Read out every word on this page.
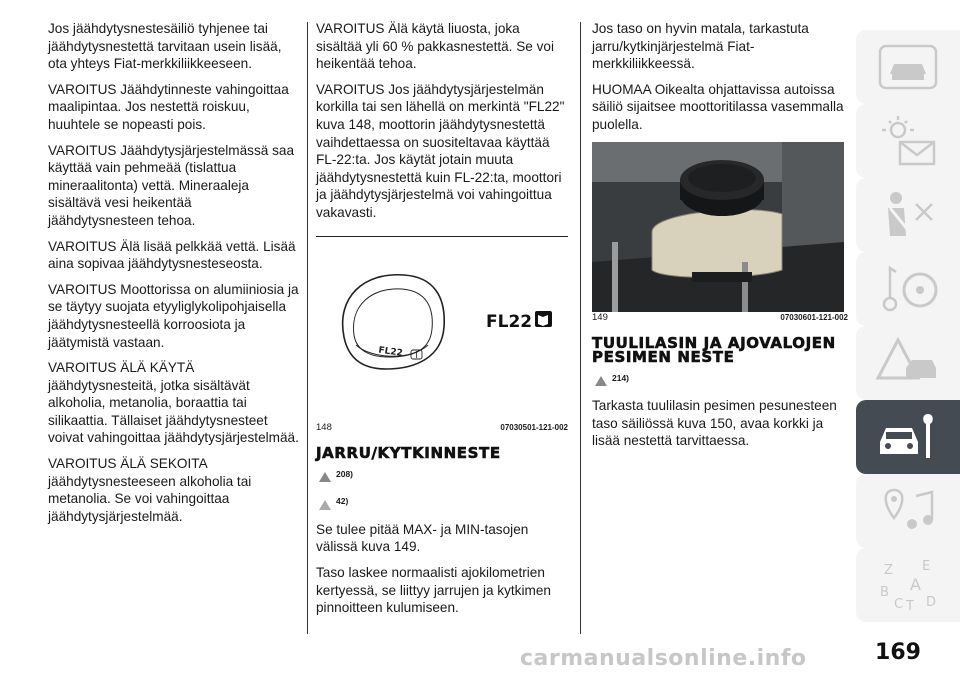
Jos jäähdytysnestesäiliö tyhjenee tai jäähdytysnestettä tarvitaan usein lisää, ota yhteys Fiat-merkkiliikkeeseen.

VAROITUS Jäähdytinneste vahingoittaa maalipintaa. Jos nestettä roiskuu, huuhtele se nopeasti pois.

VAROITUS Jäähdytysjärjestelmässä saa käyttää vain pehmeää (tislattua mineraalitonta) vettä. Mineraaleja sisältävä vesi heikentää jäähdytysnesteen tehoa.

VAROITUS Älä lisää pelkkää vettä. Lisää aina sopivaa jäähdytysnesteseosta.

VAROITUS Moottorissa on alumiiniosia ja se täytyy suojata etyyliglykolipohjaisella jäähdytysnesteellä korroosiota ja jäätymistä vastaan.

VAROITUS ÄLÄ KÄYTÄ jäähdytysnesteitä, jotka sisältävät alkoholia, metanolia, boraattia tai silikaattia. Tällaiset jäähdytysnesteet voivat vahingoittaa jäähdytysjärjestelmää.

VAROITUS ÄLÄ SEKOITA jäähdytysnesteeseen alkoholia tai metanolia. Se voi vahingoittaa jäähdytysjärjestelmää.

VAROITUS Älä käytä liuosta, joka sisältää yli 60 % pakkasnestettä. Se voi heikentää tehoa.

VAROITUS Jos jäähdytysjärjestelmän korkilla tai sen lähellä on merkintä "FL22" kuva 148, moottorin jäähdytysnestettä vaihdettaessa on suositeltavaa käyttää FL-22:ta. Jos käytät jotain muuta jäähdytysnestettä kuin FL-22:ta, moottori ja jäähdytysjärjestelmä voi vahingoittua vakavasti.

FL22
FL22
148	07030501-121-002
JARRU/KYTKINNESTE
208)
42)

Se tulee pitää MAX- ja MIN-tasojen välissä kuva 149.

Taso laskee normaalisti ajokilometrien kertyessä, se liittyy jarrujen ja kytkimen pinnoitteen kulumiseen.

Jos taso on hyvin matala, tarkastuta jarru/kytkinjärjestelmä Fiat-merkkiliikkeessä.

HUOMAA Oikealta ohjattavissa autoissa säiliö sijaitsee moottoritilassa vasemmalla puolella.

149	07030601-121-002
TUULILASIN JA AJOVALOJEN PESIMEN NESTE
214)

Tarkasta tuulilasin pesimen pesunesteen taso säiliössä kuva 150, avaa korkki ja lisää nestettä tarvittaessa.

Z E
A
B
C T D
carmanualsonline.info	169
